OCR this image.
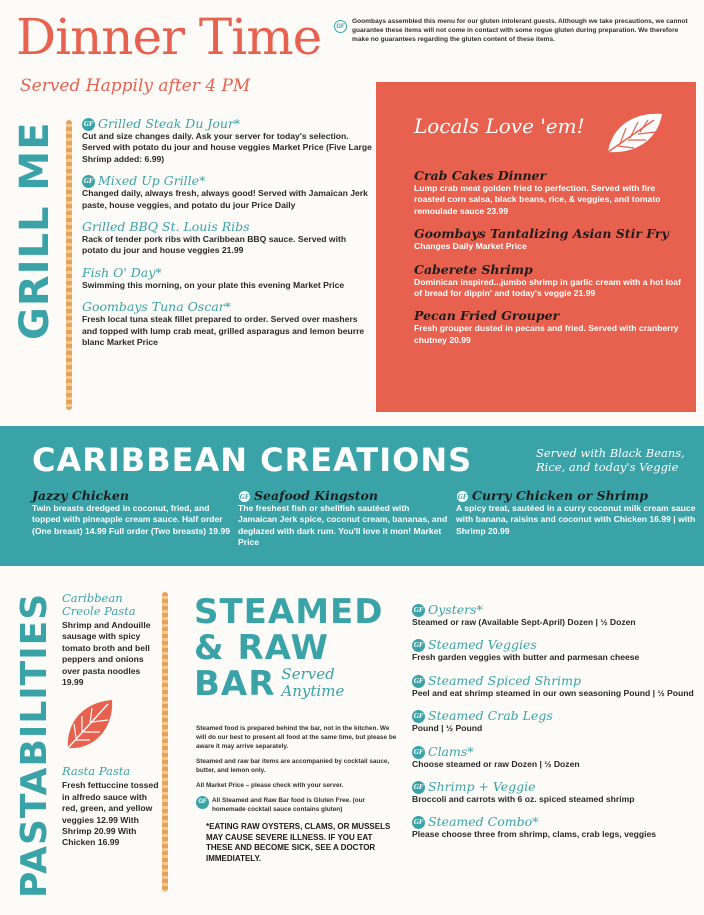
Dinner Time
Served Happily after 4 PM
GF
Goombays assembled this menu for our gluten intolerant guests. Although we take precautions, we cannot guarantee these items will not come in contact with some rogue gluten during preparation. We therefore make no guarantees regarding the gluten content of these items.
GRILL ME	GF Grilled Steak Du Jour*
Cut and size changes daily. Ask your server for today's selection. Served with potato du jour and house veggies Market Price (Five Large Shrimp added: 6.99)
GF Mixed Up Grille*
Changed daily, always fresh, always good! Served with Jamaican Jerk paste, house veggies, and potato du jour Price Daily
Grilled BBQ St. Louis Ribs
Rack of tender pork ribs with Caribbean BBQ sauce. Served with potato du jour and house veggies 21.99
Fish O' Day*
Swimming this morning, on your plate this evening Market Price
Goombays Tuna Oscar*
Fresh local tuna steak fillet prepared to order. Served over mashers and topped with lump crab meat, grilled asparagus and lemon beurre blanc Market Price
Locals Love 'em!
Crab Cakes Dinner
Lump crab meat golden fried to perfection. Served with fire roasted corn salsa, black beans, rice, & veggies, and tomato remoulade sauce 23.99
Goombays Tantalizing Asian Stir Fry
Changes Daily Market Price
Caberete Shrimp
Dominican inspired...jumbo shrimp in garlic cream with a hot loaf of bread for dippin' and today's veggie 21.99
Pecan Fried Grouper
Fresh grouper dusted in pecans and fried. Served with cranberry chutney 20.99
CARIBBEAN CREATIONS	Served with Black Beans, Rice, and today's Veggie
Jazzy Chicken
Twin breasts dredged in coconut, fried, and topped with pineapple cream sauce. Half order (One breast) 14.99 Full order (Two breasts) 19.99
GF Seafood Kingston
The freshest fish or shellfish sautéed with Jamaican Jerk spice, coconut cream, bananas, and deglazed with dark rum. You'll love it mon! Market Price
GF Curry Chicken or Shrimp
A spicy treat, sautéed in a curry coconut milk cream sauce with banana, raisins and coconut with Chicken 16.99 | with Shrimp 20.99
PASTABILITIES Caribbean Creole Pasta
Shrimp and Andouille sausage with spicy tomato broth and bell peppers and onions over pasta noodles 19.99
Rasta Pasta
Fresh fettuccine tossed in alfredo sauce with red, green, and yellow veggies 12.99 With Shrimp 20.99 With Chicken 16.99
STEAMED
& RAW
BAR Served Anytime
Steamed food is prepared behind the bar, not in the kitchen. We will do our best to present all food at the same time, but please be aware it may arrive separately.
Steamed and raw bar items are accompanied by cocktail sauce, butter, and lemon only.
All Market Price – please check with your server.
GF All Steamed and Raw Bar food is Gluten Free. (our homemade cocktail sauce contains gluten)
*EATING RAW OYSTERS, CLAMS, OR MUSSELS MAY CAUSE SEVERE ILLNESS. IF YOU EAT THESE AND BECOME SICK, SEE A DOCTOR IMMEDIATELY.
GF Oysters*
Steamed or raw (Available Sept-April) Dozen | ½ Dozen
GF Steamed Veggies
Fresh garden veggies with butter and parmesan cheese
GF Steamed Spiced Shrimp
Peel and eat shrimp steamed in our own seasoning Pound | ½ Pound
GF Steamed Crab Legs
Pound | ½ Pound
GF Clams*
Choose steamed or raw Dozen | ½ Dozen
GF Shrimp + Veggie
Broccoli and carrots with 6 oz. spiced steamed shrimp
GF Steamed Combo*
Please choose three from shrimp, clams, crab legs, veggies
